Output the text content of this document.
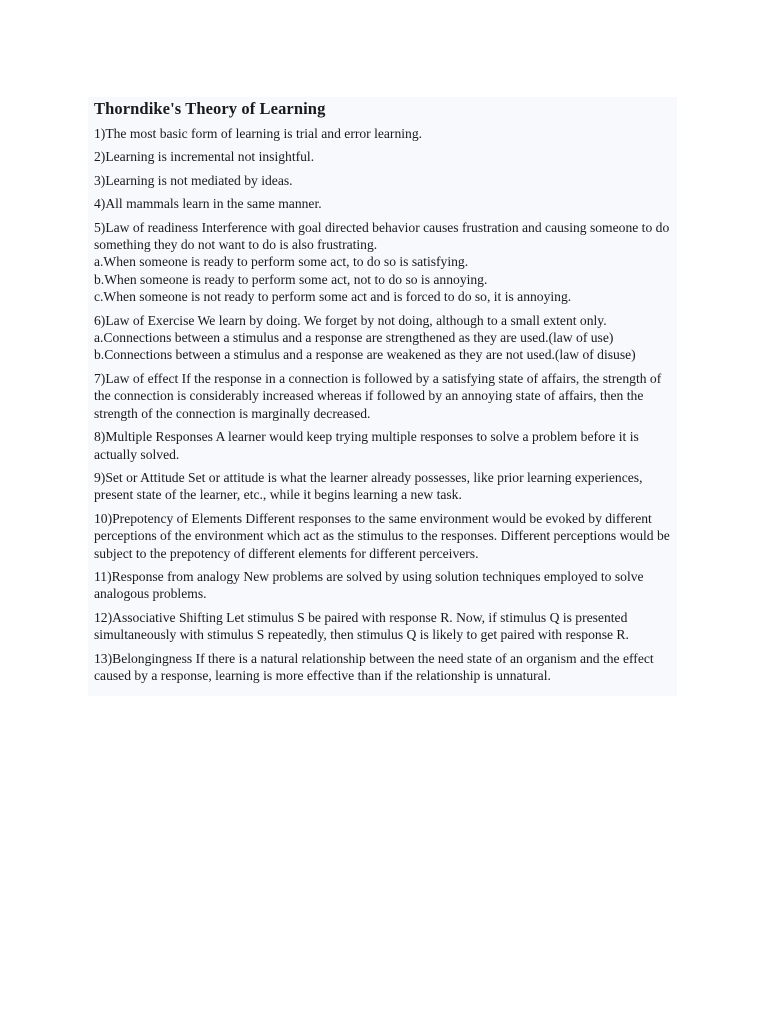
Thorndike's Theory of Learning
1)The most basic form of learning is trial and error learning.
2)Learning is incremental not insightful.
3)Learning is not mediated by ideas.
4)All mammals learn in the same manner.
5)Law of readiness Interference with goal directed behavior causes frustration and causing someone to do something they do not want to do is also frustrating.
a.When someone is ready to perform some act, to do so is satisfying.
b.When someone is ready to perform some act, not to do so is annoying.
c.When someone is not ready to perform some act and is forced to do so, it is annoying.
6)Law of Exercise We learn by doing. We forget by not doing, although to a small extent only.
a.Connections between a stimulus and a response are strengthened as they are used.(law of use)
b.Connections between a stimulus and a response are weakened as they are not used.(law of disuse)
7)Law of effect If the response in a connection is followed by a satisfying state of affairs, the strength of the connection is considerably increased whereas if followed by an annoying state of affairs, then the strength of the connection is marginally decreased.
8)Multiple Responses A learner would keep trying multiple responses to solve a problem before it is actually solved.
9)Set or Attitude Set or attitude is what the learner already possesses, like prior learning experiences, present state of the learner, etc., while it begins learning a new task.
10)Prepotency of Elements Different responses to the same environment would be evoked by different perceptions of the environment which act as the stimulus to the responses. Different perceptions would be subject to the prepotency of different elements for different perceivers.
11)Response from analogy New problems are solved by using solution techniques employed to solve analogous problems.
12)Associative Shifting Let stimulus S be paired with response R. Now, if stimulus Q is presented simultaneously with stimulus S repeatedly, then stimulus Q is likely to get paired with response R.
13)Belongingness If there is a natural relationship between the need state of an organism and the effect caused by a response, learning is more effective than if the relationship is unnatural.
